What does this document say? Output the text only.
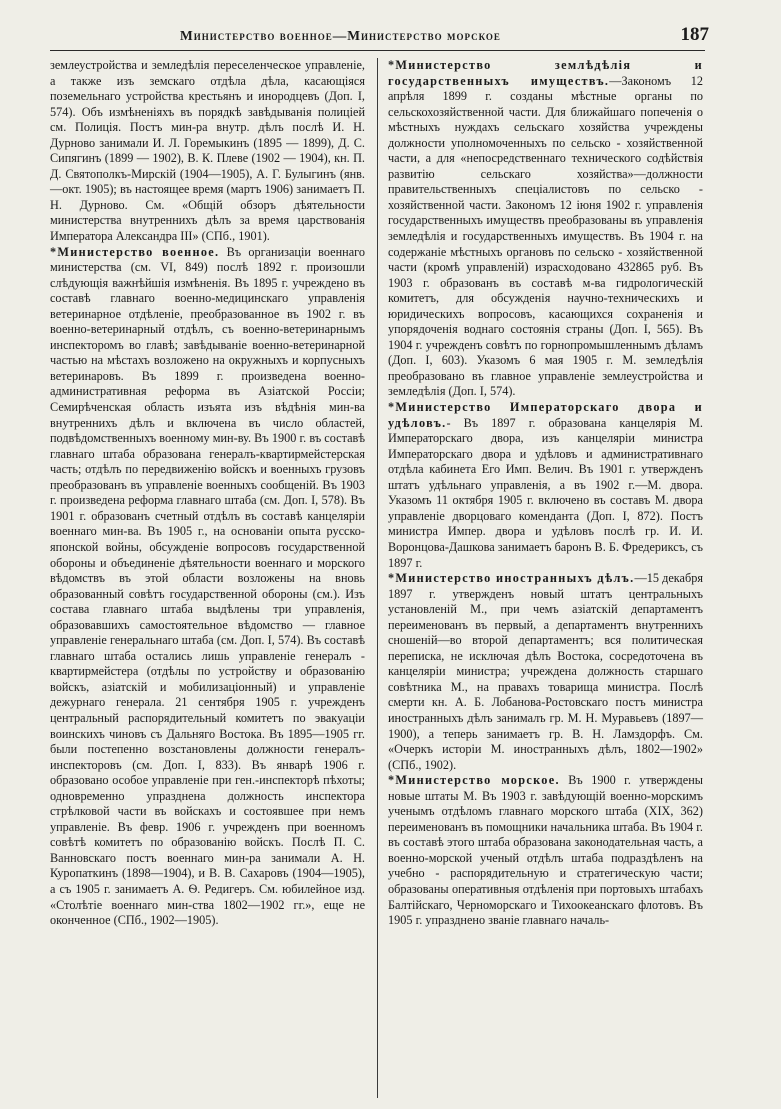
Министерство военное—Министерство морское	187

землеустройства и земледѣлія переселенческое управленіе, а также изъ земскаго отдѣла дѣла, касающіяся поземельнаго устройства крестьянъ и инородцевъ (Доп. І, 574). Объ измѣненіяхъ въ порядкѣ завѣдыванія полиціей см. Полиція. Постъ мин-ра внутр. дѣлъ послѣ И. Н. Дурново занимали И. Л. Горемыкинъ (1895 — 1899), Д. С. Сипягинъ (1899 — 1902), В. К. Плеве (1902 — 1904), кн. П. Д. Святополкъ-Мирскій (1904—1905), А. Г. Булыгинъ (янв.—окт. 1905); въ настоящее время (мартъ 1906) занимаетъ П. Н. Дурново. См. «Общій обзоръ дѣятельности министерства внутреннихъ дѣлъ за время царствованія Императора Александра III» (СПб., 1901).

*Министерство военное. Въ организаціи военнаго министерства (см. VI, 849) послѣ 1892 г. произошли слѣдующія важнѣйшія измѣненія. Въ 1895 г. учреждено въ составѣ главнаго военно-медицинскаго управленія ветеринарное отдѣленіе, преобразованное въ 1902 г. въ военно-ветеринарный отдѣлъ, съ военно-ветеринарнымъ инспекторомъ во главѣ; завѣдываніе военно-ветеринарной частью на мѣстахъ возложено на окружныхъ и корпусныхъ ветеринаровъ. Въ 1899 г. произведена военно-административная реформа въ Азіатской Россіи; Семирѣченская область изъята изъ вѣдѣнія мин-ва внутреннихъ дѣлъ и включена въ число областей, подвѣдомственныхъ военному мин-ву. Въ 1900 г. въ составѣ главнаго штаба образована генералъ-квартирмейстерская часть; отдѣлъ по передвиженію войскъ и военныхъ грузовъ преобразованъ въ управленіе военныхъ сообщеній. Въ 1903 г. произведена реформа главнаго штаба (см. Доп. І, 578). Въ 1901 г. образованъ счетный отдѣлъ въ составѣ канцеляріи военнаго мин-ва. Въ 1905 г., на основаніи опыта русско-японской войны, обсужденіе вопросовъ государственной обороны и объединеніе дѣятельности военнаго и морского вѣдомствъ въ этой области возложены на вновь образованный совѣтъ государственной обороны (см.). Изъ состава главнаго штаба выдѣлены три управленія, образовавшихъ самостоятельное вѣдомство — главное управленіе генеральнаго штаба (см. Доп. І, 574). Въ составѣ главнаго штаба остались лишь управленіе генералъ - квартирмейстера (отдѣлы по устройству и образованію войскъ, азіатскій и мобилизаціонный) и управленіе дежурнаго генерала. 21 сентября 1905 г. учрежденъ центральный распорядительный комитетъ по эвакуаціи воинскихъ чиновъ съ Дальняго Востока. Въ 1895—1905 гг. были постепенно возстановлены должности генералъ-инспекторовъ (см. Доп. І, 833). Въ январѣ 1906 г. образовано особое управленіе при ген.-инспекторѣ пѣхоты; одновременно упразднена должность инспектора стрѣлковой части въ войскахъ и состоявшее при немъ управленіе. Въ февр. 1906 г. учрежденъ при военномъ совѣтѣ комитетъ по образованію войскъ. Послѣ П. С. Ванновскаго постъ военнаго мин-ра занимали А. Н. Куропаткинъ (1898—1904), и В. В. Сахаровъ (1904—1905), а съ 1905 г. занимаетъ А. Ѳ. Редигеръ. См. юбилейное изд. «Столѣтіе военнаго мин-ства 1802—1902 гг.», еще не оконченное (СПб., 1902—1905).

*Министерство землѣдѣлія и государственныхъ имуществъ.—Закономъ 12 апрѣля 1899 г. созданы мѣстные органы по сельскохозяйственной части. Для ближайшаго попеченія о мѣстныхъ нуждахъ сельскаго хозяйства учреждены должности уполномоченныхъ по сельско - хозяйственной части, а для «непосредственнаго технического содѣйствія развитію сельскаго хозяйства»—должности правительственныхъ спеціалистовъ по сельско - хозяйственной части. Закономъ 12 іюня 1902 г. управленія государственныхъ имуществъ преобразованы въ управленія земледѣлія и государственныхъ имуществъ. Въ 1904 г. на содержаніе мѣстныхъ органовъ по сельско - хозяйственной части (кромѣ управленій) израсходовано 432865 руб. Въ 1903 г. образованъ въ составѣ м-ва гидрологическій комитетъ, для обсужденія научно-техническихъ и юридическихъ вопросовъ, касающихся сохраненія и упорядоченія воднаго состоянія страны (Доп. І, 565). Въ 1904 г. учрежденъ совѣтъ по горнопромышленнымъ дѣламъ (Доп. І, 603). Указомъ 6 мая 1905 г. М. земледѣлія преобразовано въ главное управленіе землеустройства и земледѣлія (Доп. І, 574).

*Министерство Императорскаго двора и удѣловъ.- Въ 1897 г. образована канцелярія М. Императорскаго двора, изъ канцеляріи министра Императорскаго двора и удѣловъ и административнаго отдѣла кабинета Его Имп. Велич. Въ 1901 г. утвержденъ штатъ удѣльнаго управленія, а въ 1902 г.—М. двора. Указомъ 11 октября 1905 г. включено въ составъ М. двора управленіе дворцоваго коменданта (Доп. І, 872). Постъ министра Импер. двора и удѣловъ послѣ гр. И. И. Воронцова-Дашкова занимаетъ баронъ В. Б. Фредериксъ, съ 1897 г.

*Министерство иностранныхъ дѣлъ.—15 декабря 1897 г. утвержденъ новый штатъ центральныхъ установленій М., при чемъ азіатскій департаментъ переименованъ въ первый, а департаментъ внутреннихъ сношеній—во второй департаментъ; вся политическая переписка, не исключая дѣлъ Востока, сосредоточена въ канцеляріи министра; учреждена должность старшаго совѣтника М., на правахъ товарища министра. Послѣ смерти кн. А. Б. Лобанова-Ростовскаго постъ министра иностранныхъ дѣлъ занималъ гр. М. Н. Муравьевъ (1897—1900), а теперь занимаетъ гр. В. Н. Ламздорфъ. См. «Очеркъ исторіи М. иностранныхъ дѣлъ, 1802—1902» (СПб., 1902).

*Министерство морское. Въ 1900 г. утверждены новые штаты М. Въ 1903 г. завѣдующій военно-морскимъ ученымъ отдѣломъ главнаго морского штаба (XIX, 362) переименованъ въ помощники начальника штаба. Въ 1904 г. въ составѣ этого штаба образована законодательная часть, а военно-морской ученый отдѣлъ штаба подраздѣленъ на учебно - распорядительную и стратегическую части; образованы оперативныя отдѣленія при портовыхъ штабахъ Балтійскаго, Черноморскаго и Тихоокеанскаго флотовъ. Въ 1905 г. упразднено званіе главнаго началь-
